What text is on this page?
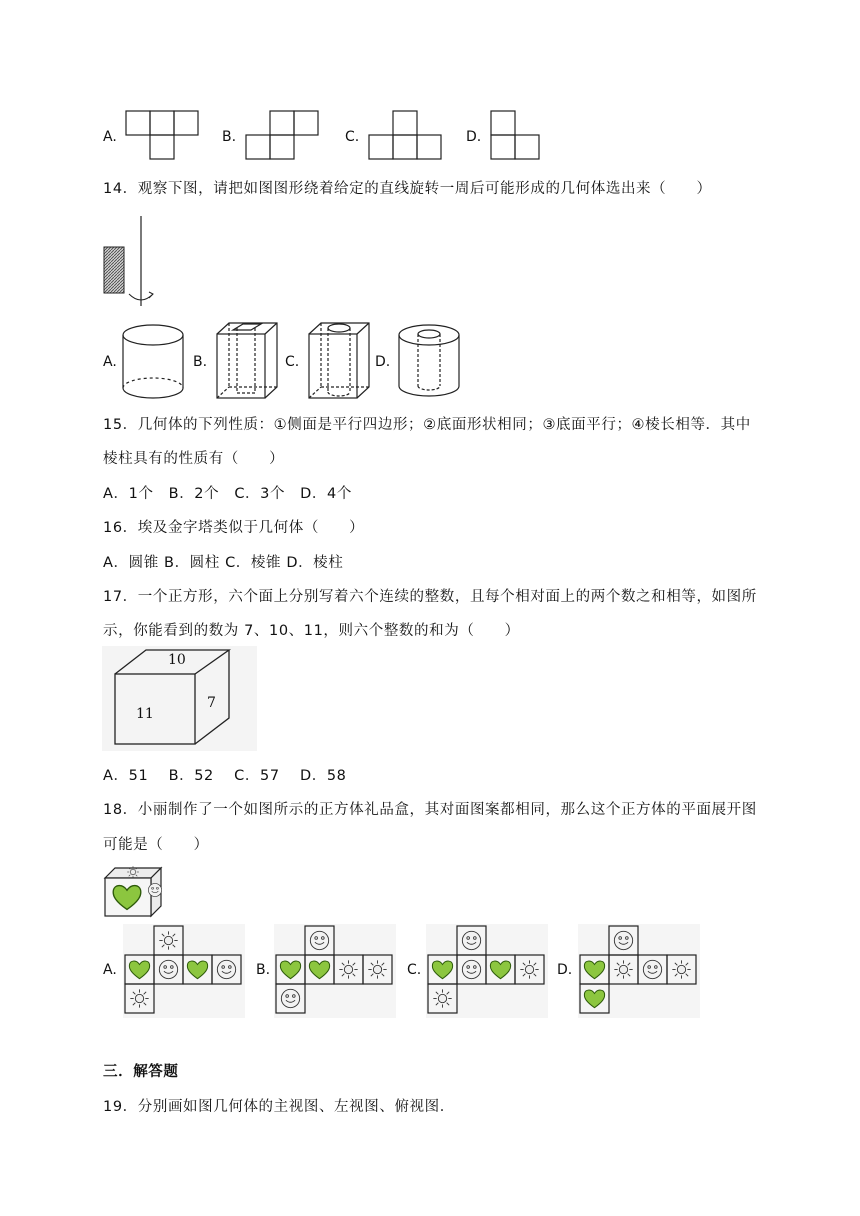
A.	B.	C.	D.
14．观察下图，请把如图图形绕着给定的直线旋转一周后可能形成的几何体选出来（　　）
A.	B.	C.	D.
15．几何体的下列性质：①侧面是平行四边形；②底面形状相同；③底面平行；④棱长相等．其中
棱柱具有的性质有（　　）
A．1个　B．2个　C．3个　D．4个
16．埃及金字塔类似于几何体（　　）
A．圆锥 B．圆柱 C．棱锥 D．棱柱
17．一个正方形，六个面上分别写着六个连续的整数，且每个相对面上的两个数之和相等，如图所
示，你能看到的数为 7、10、11，则六个整数的和为（　　）
10
11
7
A．51　 B．52　 C．57　 D．58
18．小丽制作了一个如图所示的正方体礼品盒，其对面图案都相同，那么这个正方体的平面展开图
可能是（　　）
A.	B.	C.	D.
三．解答题
19．分别画如图几何体的主视图、左视图、俯视图．
